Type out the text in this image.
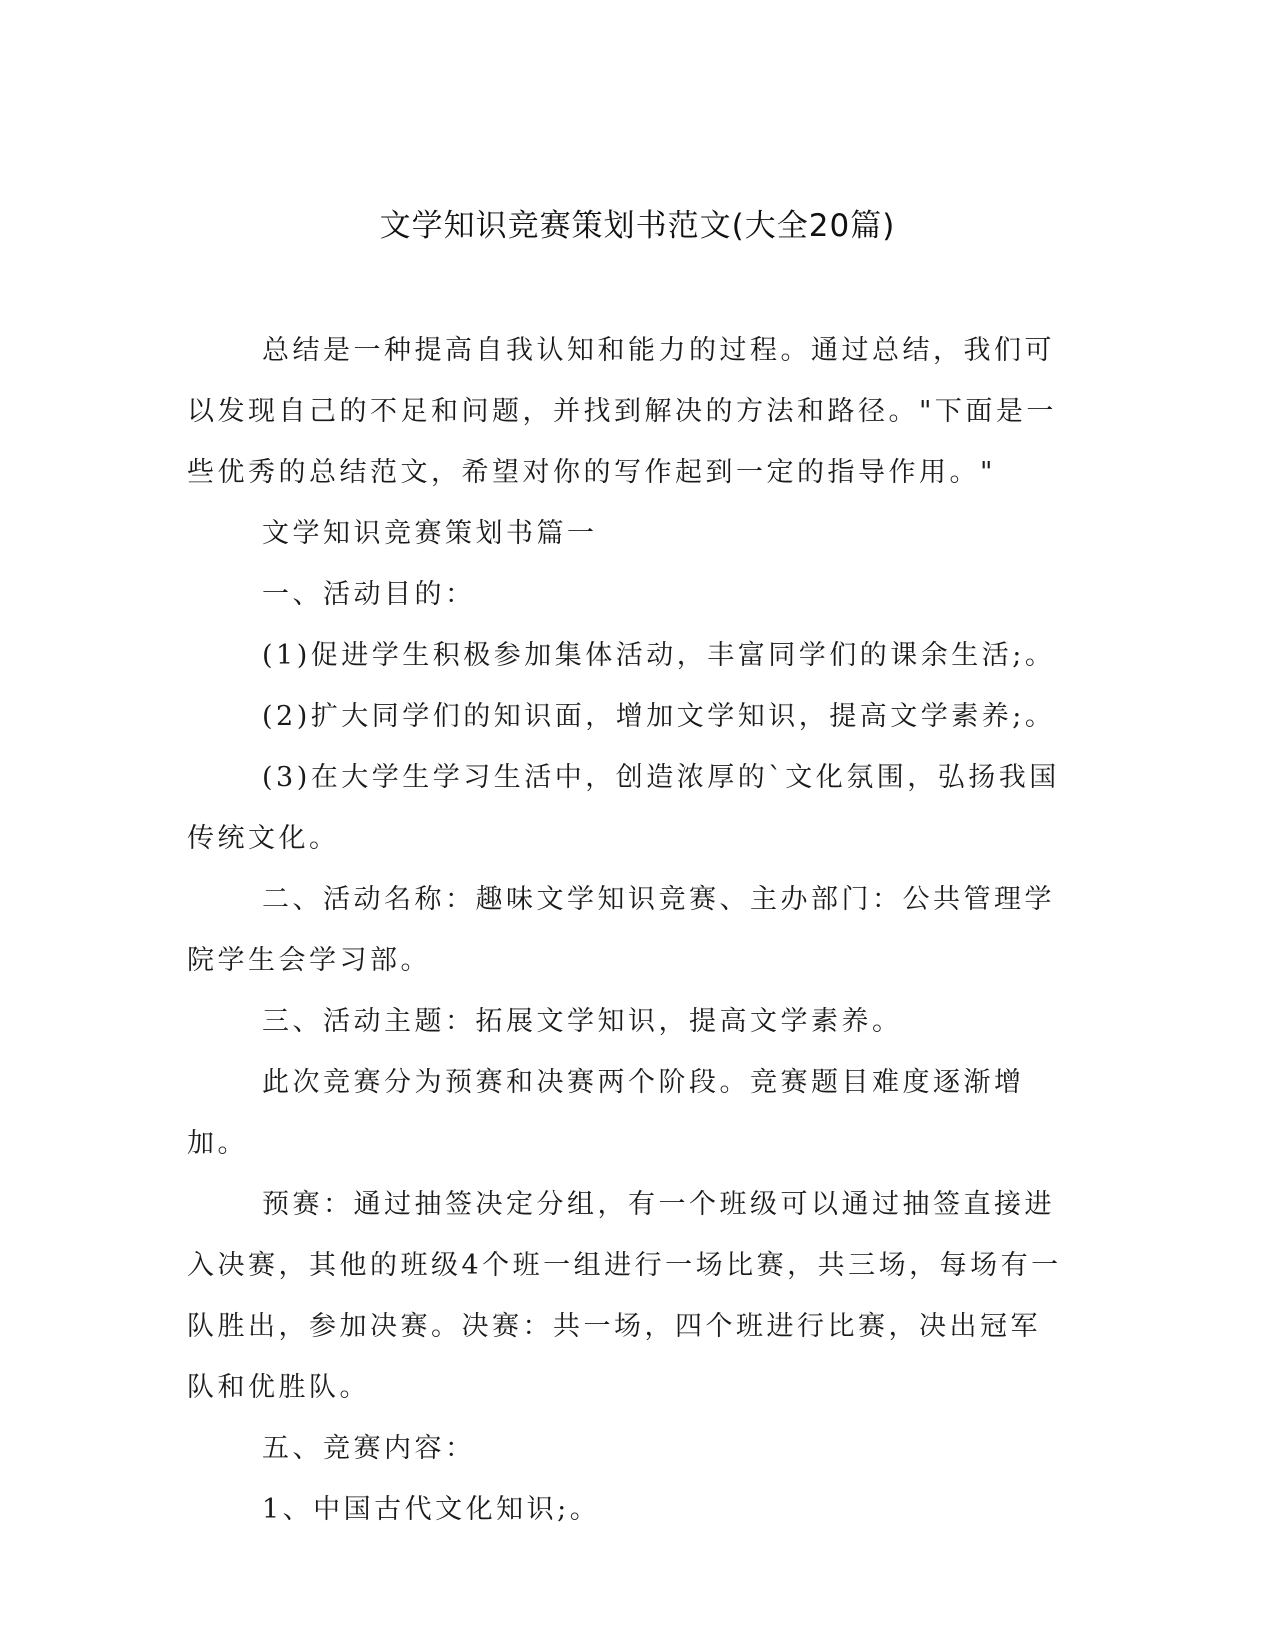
文学知识竞赛策划书范文(大全20篇)

总结是一种提高自我认知和能力的过程。通过总结，我们可以发现自己的不足和问题，并找到解决的方法和路径。"下面是一些优秀的总结范文，希望对你的写作起到一定的指导作用。"

文学知识竞赛策划书篇一

一、活动目的：

(1)促进学生积极参加集体活动，丰富同学们的课余生活;。

(2)扩大同学们的知识面，增加文学知识，提高文学素养;。

(3)在大学生学习生活中，创造浓厚的`文化氛围，弘扬我国传统文化。

二、活动名称：趣味文学知识竞赛、主办部门：公共管理学院学生会学习部。

三、活动主题：拓展文学知识，提高文学素养。

此次竞赛分为预赛和决赛两个阶段。竞赛题目难度逐渐增加。

预赛：通过抽签决定分组，有一个班级可以通过抽签直接进入决赛，其他的班级4个班一组进行一场比赛，共三场，每场有一队胜出，参加决赛。决赛：共一场，四个班进行比赛，决出冠军队和优胜队。

五、竞赛内容：

1、中国古代文化知识;。
